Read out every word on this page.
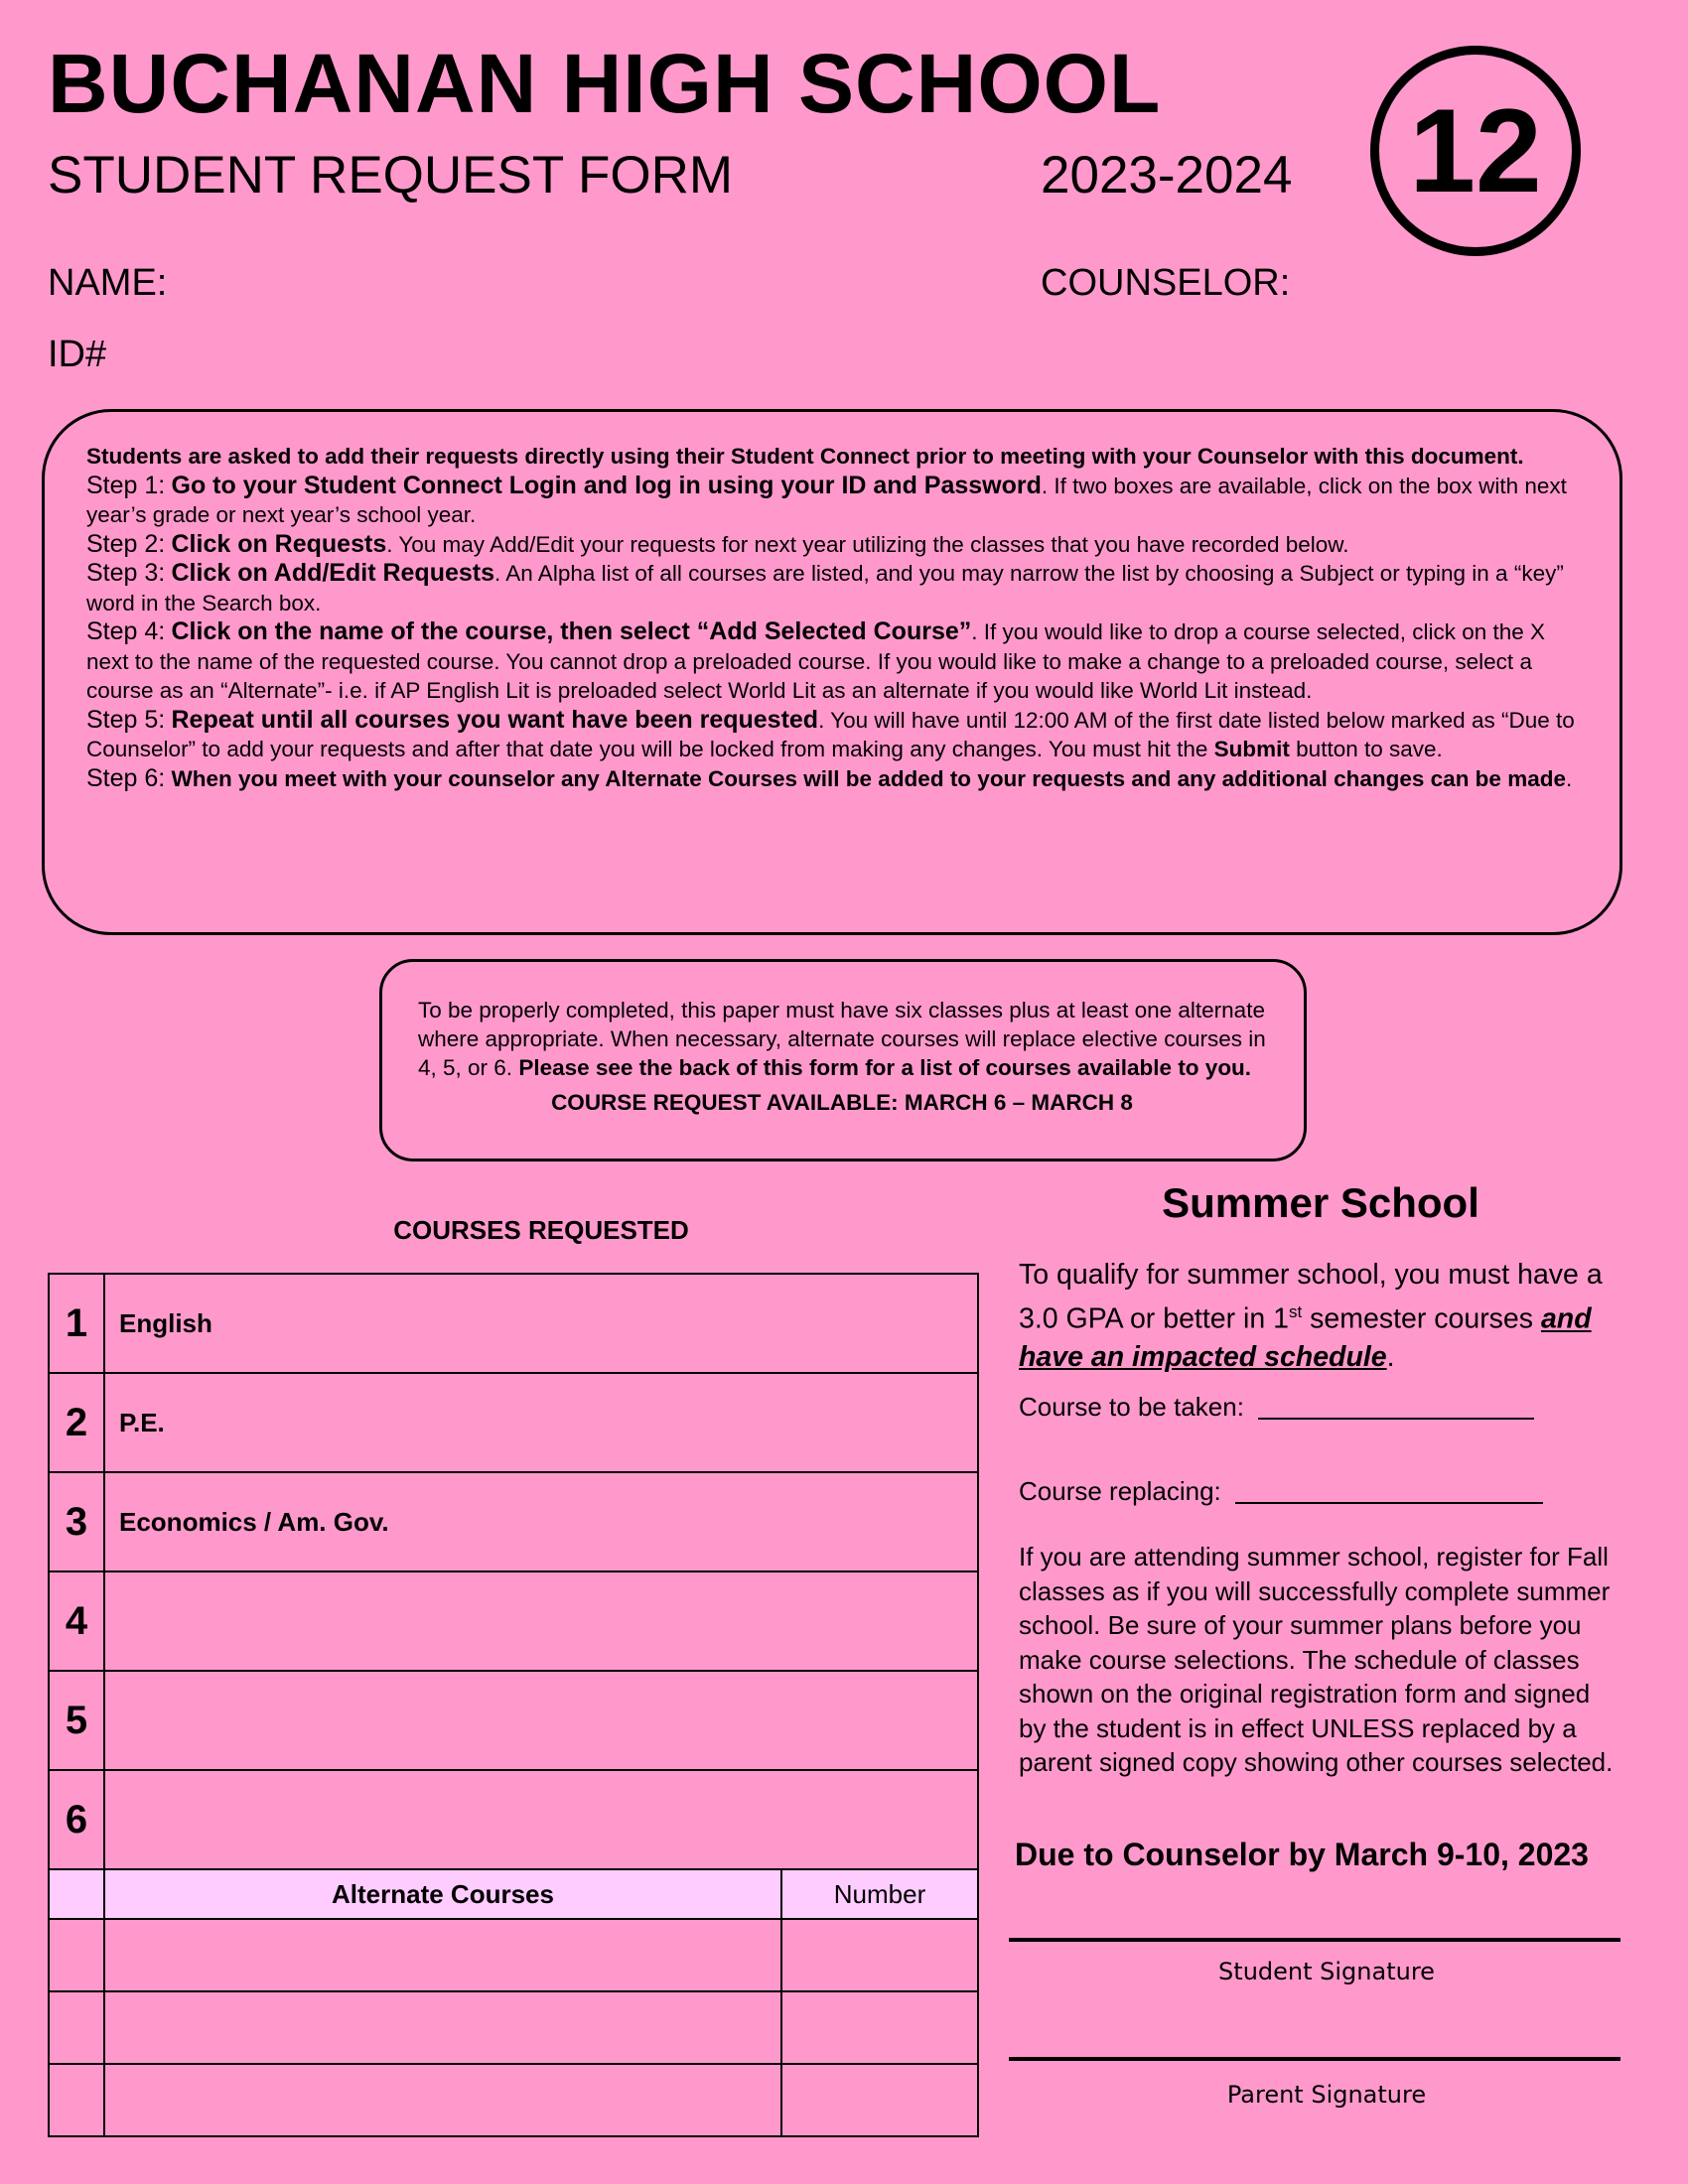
BUCHANAN HIGH SCHOOL
STUDENT REQUEST FORM	2023-2024 12
NAME:	COUNSELOR:
ID#

Students are asked to add their requests directly using their Student Connect prior to meeting with your Counselor with this document.

Step 1: Go to your Student Connect Login and log in using your ID and Password. If two boxes are available, click on the box with next year’s grade or next year’s school year.

Step 2: Click on Requests. You may Add/Edit your requests for next year utilizing the classes that you have recorded below.

Step 3: Click on Add/Edit Requests. An Alpha list of all courses are listed, and you may narrow the list by choosing a Subject or typing in a “key” word in the Search box.

Step 4: Click on the name of the course, then select “Add Selected Course”. If you would like to drop a course selected, click on the X next to the name of the requested course. You cannot drop a preloaded course. If you would like to make a change to a preloaded course, select a course as an “Alternate”- i.e. if AP English Lit is preloaded select World Lit as an alternate if you would like World Lit instead.

Step 5: Repeat until all courses you want have been requested. You will have until 12:00 AM of the first date listed below marked as “Due to Counselor” to add your requests and after that date you will be locked from making any changes. You must hit the Submit button to save.

Step 6: When you meet with your counselor any Alternate Courses will be added to your requests and any additional changes can be made.

To be properly completed, this paper must have six classes plus at least one alternate where appropriate. When necessary, alternate courses will replace elective courses in 4, 5, or 6. Please see the back of this form for a list of courses available to you.

COURSE REQUEST AVAILABLE: MARCH 6 – MARCH 8

COURSES REQUESTED
1	English	
2	P.E.	
3	Economics / Am. Gov.	
4		
5		
6		
	Alternate Courses	Number

Summer School
To qualify for summer school, you must have a 3.0 GPA or better in 1st semester courses and have an impacted schedule.
Course to be taken:
Course replacing:
If you are attending summer school, register for Fall classes as if you will successfully complete summer school. Be sure of your summer plans before you make course selections. The schedule of classes shown on the original registration form and signed by the student is in effect UNLESS replaced by a parent signed copy showing other courses selected.
Due to Counselor by March 9-10, 2023
Student Signature
Parent Signature
